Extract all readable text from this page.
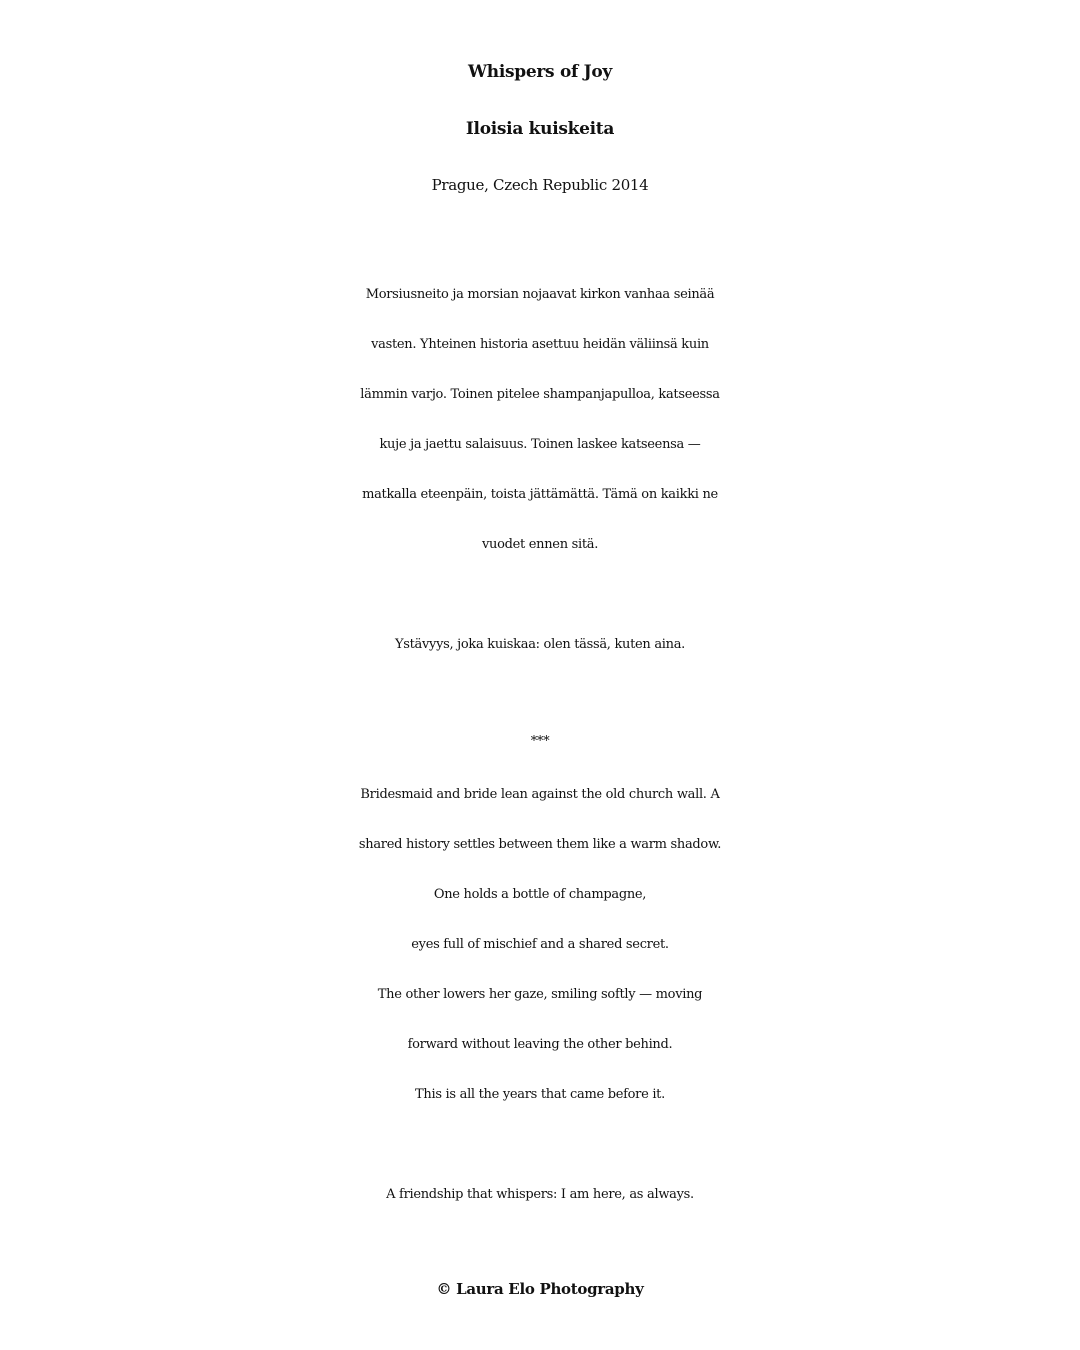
Whispers of Joy
Iloisia kuiskeita
Prague, Czech Republic 2014
Morsiusneito ja morsian nojaavat kirkon vanhaa seinää
vasten. Yhteinen historia asettuu heidän väliinsä kuin
lämmin varjo. Toinen pitelee shampanjapulloa, katseessa
kuje ja jaettu salaisuus. Toinen laskee katseensa —
matkalla eteenpäin, toista jättämättä. Tämä on kaikki ne
vuodet ennen sitä.
Ystävyys, joka kuiskaa: olen tässä, kuten aina.
***
Bridesmaid and bride lean against the old church wall. A
shared history settles between them like a warm shadow.
One holds a bottle of champagne,
eyes full of mischief and a shared secret.
The other lowers her gaze, smiling softly — moving
forward without leaving the other behind.
This is all the years that came before it.
A friendship that whispers: I am here, as always.
© Laura Elo Photography
